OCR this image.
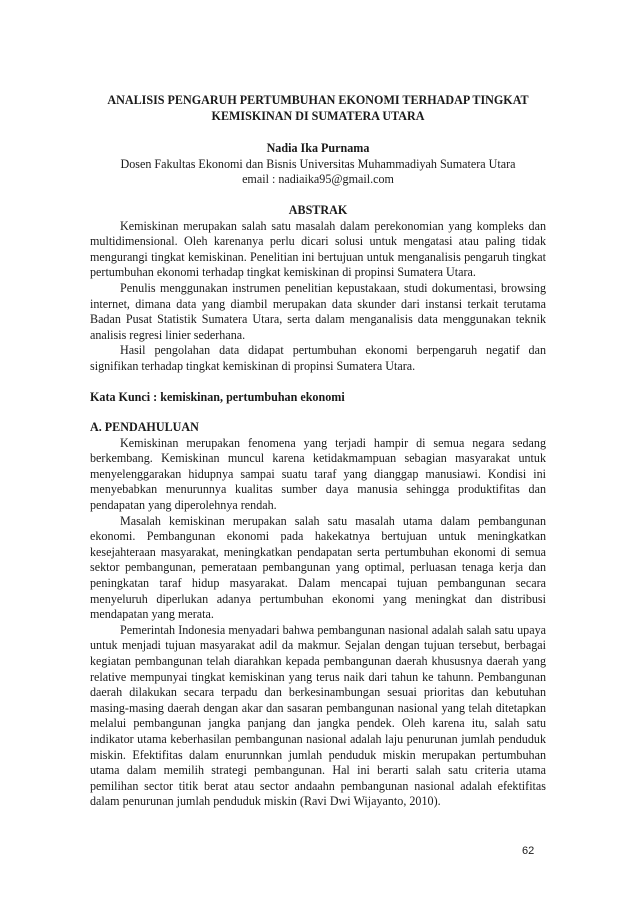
ANALISIS PENGARUH PERTUMBUHAN EKONOMI TERHADAP TINGKAT
KEMISKINAN DI SUMATERA UTARA
Nadia Ika Purnama
Dosen Fakultas Ekonomi dan Bisnis Universitas Muhammadiyah Sumatera Utara
email : nadiaika95@gmail.com
ABSTRAK

Kemiskinan merupakan salah satu masalah dalam perekonomian yang kompleks dan multidimensional. Oleh karenanya perlu dicari solusi untuk mengatasi atau paling tidak mengurangi tingkat kemiskinan. Penelitian ini bertujuan untuk menganalisis pengaruh tingkat pertumbuhan ekonomi terhadap tingkat kemiskinan di propinsi Sumatera Utara.

Penulis menggunakan instrumen penelitian kepustakaan, studi dokumentasi, browsing internet, dimana data yang diambil merupakan data skunder dari instansi terkait terutama Badan Pusat Statistik Sumatera Utara, serta dalam menganalisis data menggunakan teknik analisis regresi linier sederhana.

Hasil pengolahan data didapat pertumbuhan ekonomi berpengaruh negatif dan signifikan terhadap tingkat kemiskinan di propinsi Sumatera Utara.

Kata Kunci : kemiskinan, pertumbuhan ekonomi
A. PENDAHULUAN

Kemiskinan merupakan fenomena yang terjadi hampir di semua negara sedang berkembang. Kemiskinan muncul karena ketidakmampuan sebagian masyarakat untuk menyelenggarakan hidupnya sampai suatu taraf yang dianggap manusiawi. Kondisi ini menyebabkan menurunnya kualitas sumber daya manusia sehingga produktifitas dan pendapatan yang diperolehnya rendah.

Masalah kemiskinan merupakan salah satu masalah utama dalam pembangunan ekonomi. Pembangunan ekonomi pada hakekatnya bertujuan untuk meningkatkan kesejahteraan masyarakat, meningkatkan pendapatan serta pertumbuhan ekonomi di semua sektor pembangunan, pemerataan pembangunan yang optimal, perluasan tenaga kerja dan peningkatan taraf hidup masyarakat. Dalam mencapai tujuan pembangunan secara menyeluruh diperlukan adanya pertumbuhan ekonomi yang meningkat dan distribusi mendapatan yang merata.

Pemerintah Indonesia menyadari bahwa pembangunan nasional adalah salah satu upaya untuk menjadi tujuan masyarakat adil da makmur. Sejalan dengan tujuan tersebut, berbagai kegiatan pembangunan telah diarahkan kepada pembangunan daerah khususnya daerah yang relative mempunyai tingkat kemiskinan yang terus naik dari tahun ke tahunn. Pembangunan daerah dilakukan secara terpadu dan berkesinambungan sesuai prioritas dan kebutuhan masing-masing daerah dengan akar dan sasaran pembangunan nasional yang telah ditetapkan melalui pembangunan jangka panjang dan jangka pendek. Oleh karena itu, salah satu indikator utama keberhasilan pembangunan nasional adalah laju penurunan jumlah penduduk miskin. Efektifitas dalam enurunnkan jumlah penduduk miskin merupakan pertumbuhan utama dalam memilih strategi pembangunan. Hal ini berarti salah satu criteria utama pemilihan sector titik berat atau sector andaahn pembangunan nasional adalah efektifitas dalam penurunan jumlah penduduk miskin (Ravi Dwi Wijayanto, 2010).

62
